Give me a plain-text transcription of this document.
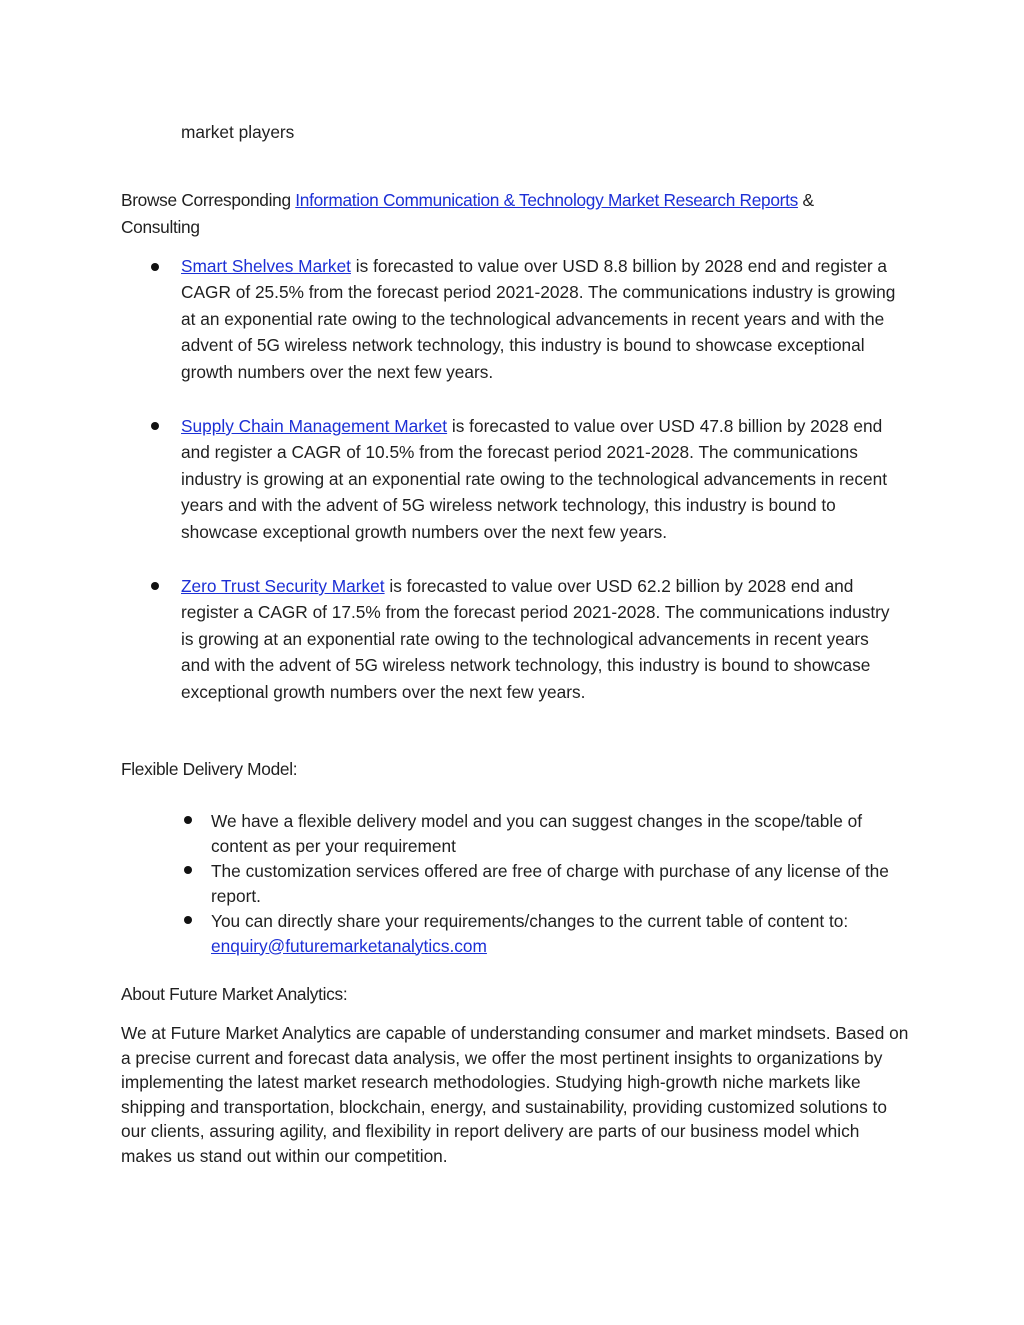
market players

Browse Corresponding Information Communication & Technology Market Research Reports &
Consulting

Smart Shelves Market is forecasted to value over USD 8.8 billion by 2028 end and register a CAGR of 25.5% from the forecast period 2021-2028. The communications industry is growing at an exponential rate owing to the technological advancements in recent years and with the advent of 5G wireless network technology, this industry is bound to showcase exceptional growth numbers over the next few years.

Supply Chain Management Market is forecasted to value over USD 47.8 billion by 2028 end and register a CAGR of 10.5% from the forecast period 2021-2028. The communications industry is growing at an exponential rate owing to the technological advancements in recent years and with the advent of 5G wireless network technology, this industry is bound to showcase exceptional growth numbers over the next few years.

Zero Trust Security Market is forecasted to value over USD 62.2 billion by 2028 end and register a CAGR of 17.5% from the forecast period 2021-2028. The communications industry is growing at an exponential rate owing to the technological advancements in recent years and with the advent of 5G wireless network technology, this industry is bound to showcase exceptional growth numbers over the next few years.

Flexible Delivery Model:

We have a flexible delivery model and you can suggest changes in the scope/table of content as per your requirement

The customization services offered are free of charge with purchase of any license of the report.

You can directly share your requirements/changes to the current table of content to: enquiry@futuremarketanalytics.com

About Future Market Analytics:

We at Future Market Analytics are capable of understanding consumer and market mindsets. Based on a precise current and forecast data analysis, we offer the most pertinent insights to organizations by implementing the latest market research methodologies. Studying high-growth niche markets like shipping and transportation, blockchain, energy, and sustainability, providing customized solutions to our clients, assuring agility, and flexibility in report delivery are parts of our business model which makes us stand out within our competition.
